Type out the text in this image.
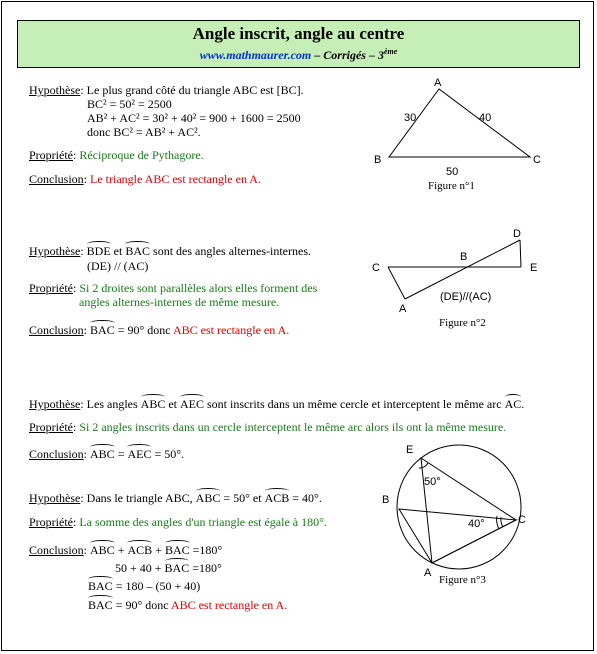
Angle inscrit, angle au centre
www.mathmaurer.com – Corrigés – 3ème
Hypothèse: Le plus grand côté du triangle ABC est [BC].
BC² = 50² = 2500
AB² + AC² = 30² + 40² = 900 + 1600 = 2500
donc BC² = AB² + AC².
Propriété: Réciproque de Pythagore.
Conclusion: Le triangle ABC est rectangle en A.
A
B	C
30	40
50
Figure n°1
Hypothèse: BDE et BAC sont des angles alternes-internes.
(DE) // (AC)
Propriété: Si 2 droites sont parallèles alors elles forment des
angles alternes-internes de même mesure.
Conclusion: BAC = 90° donc ABC est rectangle en A.
D
C
B
E
A
(DE)//(AC)
Figure n°2
Hypothèse: Les angles ABC et AEC sont inscrits dans un même cercle et interceptent le même arc AC.
Propriété: Si 2 angles inscrits dans un cercle interceptent le même arc alors ils ont la même mesure.
Conclusion: ABC = AEC = 50°.
Hypothèse: Dans le triangle ABC, ABC = 50° et ACB = 40°.
Propriété: La somme des angles d'un triangle est égale à 180°.
Conclusion: ABC + ACB + BAC =180°
50 + 40 + BAC =180°
BAC = 180 – (50 + 40)
BAC = 90° donc ABC est rectangle en A.
E
B
C
A
50°
40°
Figure n°3
